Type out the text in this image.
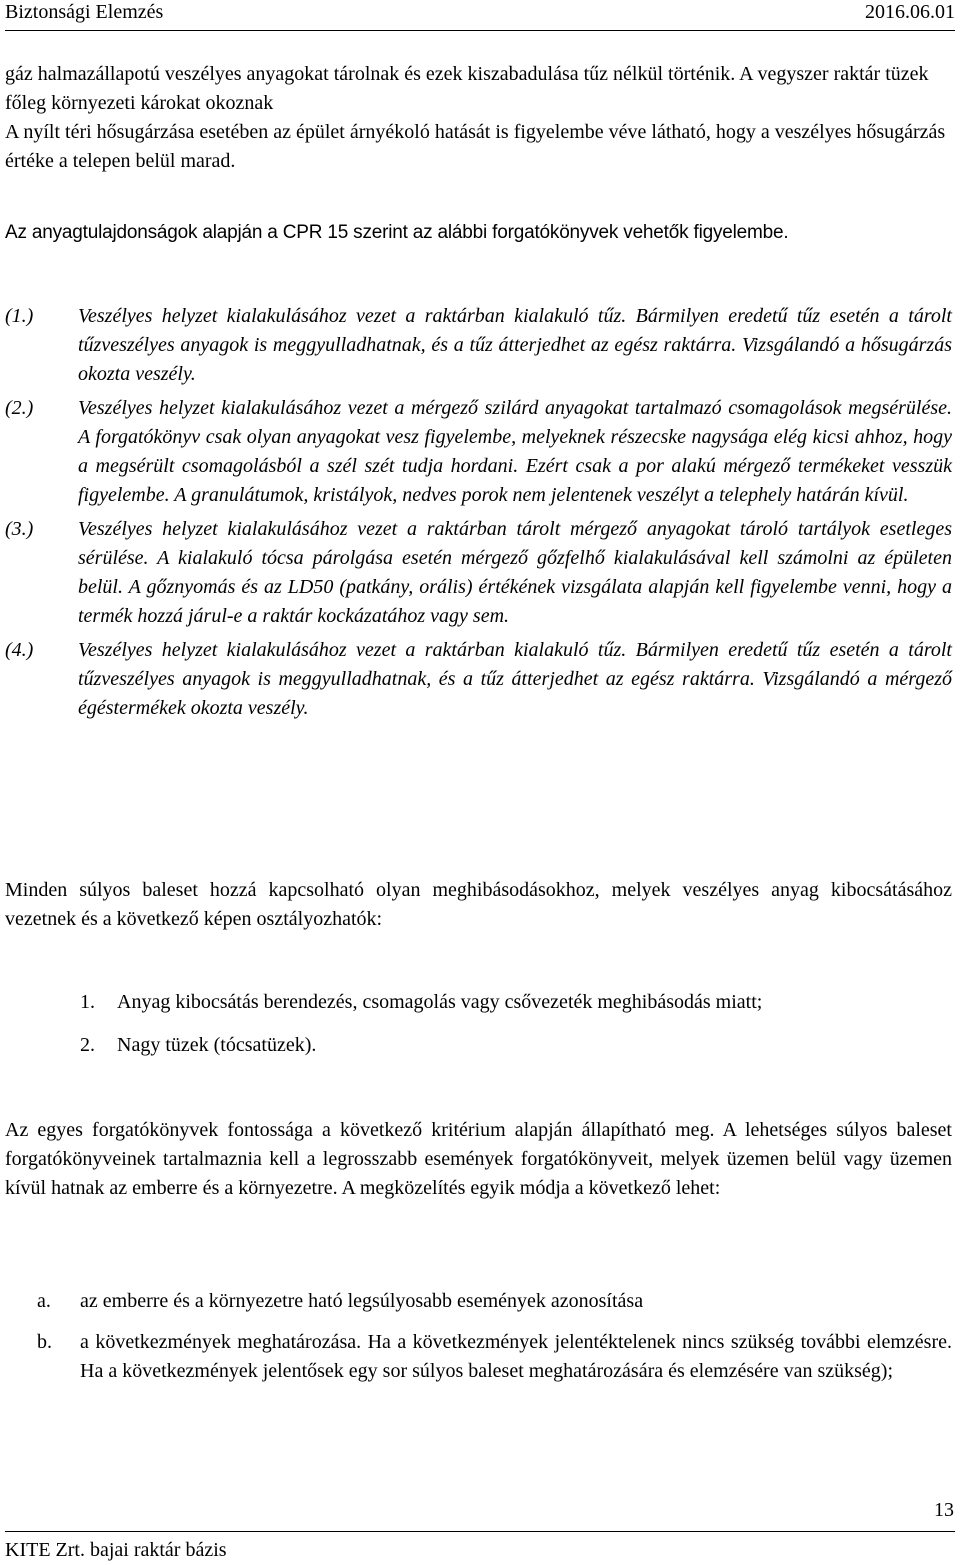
Biztonsági Elemzés	2016.06.01

gáz halmazállapotú veszélyes anyagokat tárolnak és ezek kiszabadulása tűz nélkül történik. A vegyszer raktár tüzek főleg környezeti károkat okoznak
A nyílt téri hősugárzása esetében az épület árnyékoló hatását is figyelembe véve látható, hogy a veszélyes hősugárzás értéke a telepen belül marad.

Az anyagtulajdonságok alapján a CPR 15 szerint az alábbi forgatókönyvek vehetők figyelembe.

(1.) Veszélyes helyzet kialakulásához vezet a raktárban kialakuló tűz. Bármilyen eredetű tűz esetén a tárolt tűzveszélyes anyagok is meggyulladhatnak, és a tűz átterjedhet az egész raktárra. Vizsgálandó a hősugárzás okozta veszély.
(2.) Veszélyes helyzet kialakulásához vezet a mérgező szilárd anyagokat tartalmazó csomagolások megsérülése. A forgatókönyv csak olyan anyagokat vesz figyelembe, melyeknek részecske nagysága elég kicsi ahhoz, hogy a megsérült csomagolásból a szél szét tudja hordani. Ezért csak a por alakú mérgező termékeket vesszük figyelembe. A granulátumok, kristályok, nedves porok nem jelentenek veszélyt a telephely határán kívül.
(3.) Veszélyes helyzet kialakulásához vezet a raktárban tárolt mérgező anyagokat tároló tartályok esetleges sérülése. A kialakuló tócsa párolgása esetén mérgező gőzfelhő kialakulásával kell számolni az épületen belül. A gőznyomás és az LD50 (patkány, orális) értékének vizsgálata alapján kell figyelembe venni, hogy a termék hozzá járul-e a raktár kockázatához vagy sem.
(4.) Veszélyes helyzet kialakulásához vezet a raktárban kialakuló tűz. Bármilyen eredetű tűz esetén a tárolt tűzveszélyes anyagok is meggyulladhatnak, és a tűz átterjedhet az egész raktárra. Vizsgálandó a mérgező égéstermékek okozta veszély.

Minden súlyos baleset hozzá kapcsolható olyan meghibásodásokhoz, melyek veszélyes anyag kibocsátásához vezetnek és a következő képen osztályozhatók:

1. Anyag kibocsátás berendezés, csomagolás vagy csővezeték meghibásodás miatt;
2. Nagy tüzek (tócsatüzek).

Az egyes forgatókönyvek fontossága a következő kritérium alapján állapítható meg. A lehetséges súlyos baleset forgatókönyveinek tartalmaznia kell a legrosszabb események forgatókönyveit, melyek üzemen belül vagy üzemen kívül hatnak az emberre és a környezetre. A megközelítés egyik módja a következő lehet:

a. az emberre és a környezetre ható legsúlyosabb események azonosítása
b. a következmények meghatározása. Ha a következmények jelentéktelenek nincs szükség további elemzésre. Ha a következmények jelentősek egy sor súlyos baleset meghatározására és elemzésére van szükség);
13
KITE Zrt. bajai raktár bázis
